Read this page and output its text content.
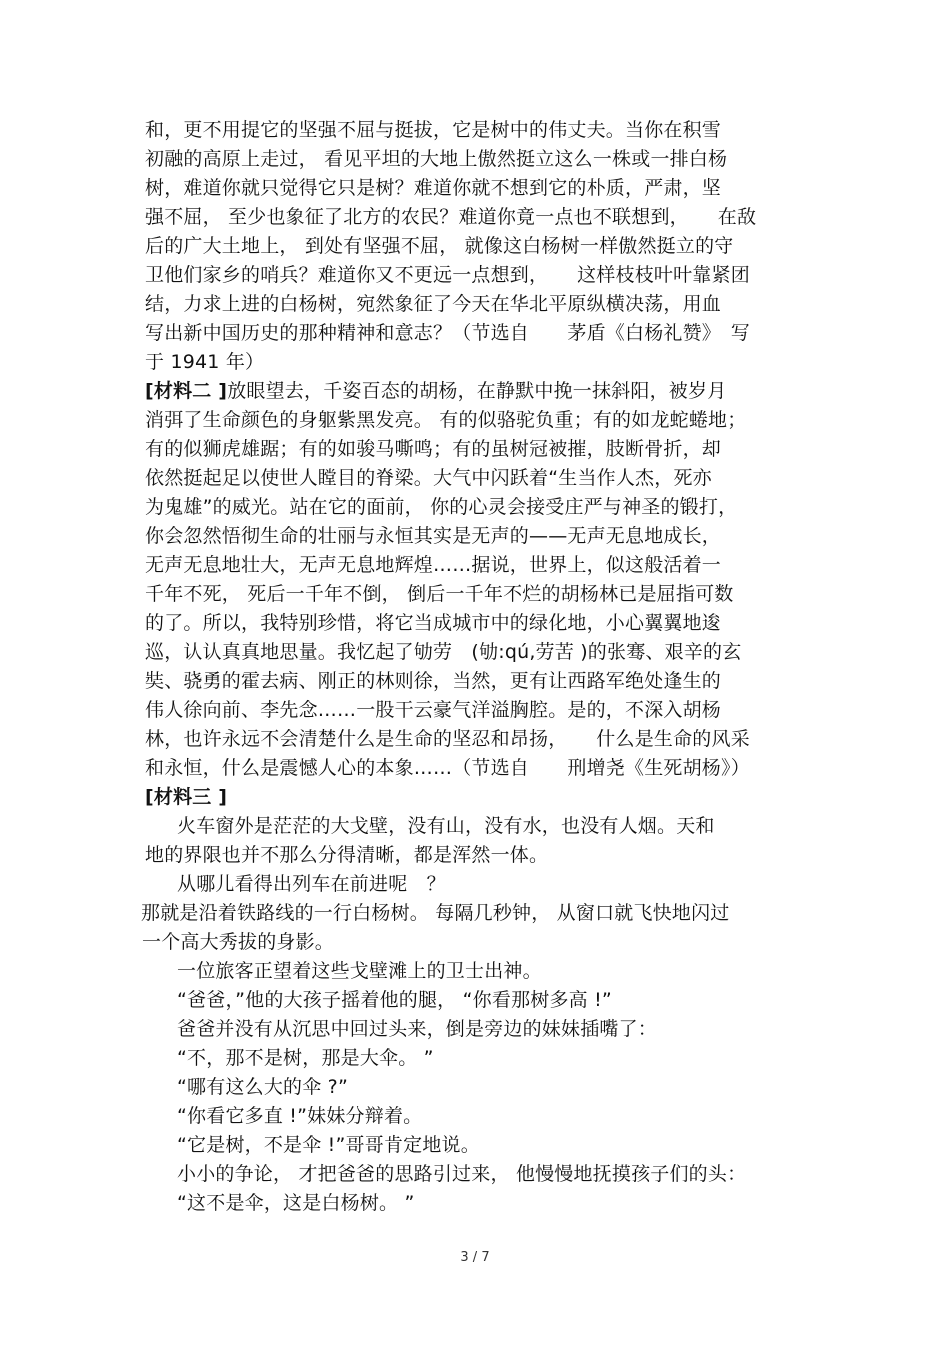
和，更不用提它的坚强不屈与挺拔，它是树中的伟丈夫。当你在积雪
初融的高原上走过， 看见平坦的大地上傲然挺立这么一株或一排白杨
树，难道你就只觉得它只是树？难道你就不想到它的朴质，严肃，坚
强不屈， 至少也象征了北方的农民？难道你竟一点也不联想到，　　在敌
后的广大土地上， 到处有坚强不屈， 就像这白杨树一样傲然挺立的守
卫他们家乡的哨兵？难道你又不更远一点想到，　　这样枝枝叶叶靠紧团
结，力求上进的白杨树，宛然象征了今天在华北平原纵横决荡，用血
写出新中国历史的那种精神和意志？（节选自　　茅盾《白杨礼赞》　写
于 1941 年）
[材料二 ]放眼望去，千姿百态的胡杨，在静默中挽一抹斜阳，被岁月
消弭了生命颜色的身躯紫黑发亮。 有的似骆驼负重；有的如龙蛇蜷地；
有的似狮虎雄踞；有的如骏马嘶鸣；有的虽树冠被摧，肢断骨折，却
依然挺起足以使世人瞠目的脊梁。大气中闪跃着“生当作人杰，死亦
为鬼雄”的威光。站在它的面前， 你的心灵会接受庄严与神圣的锻打，
你会忽然悟彻生命的壮丽与永恒其实是无声的——无声无息地成长，
无声无息地壮大，无声无息地辉煌……据说，世界上，似这般活着一
千年不死， 死后一千年不倒， 倒后一千年不烂的胡杨林已是屈指可数
的了。所以，我特别珍惜，将它当成城市中的绿化地，小心翼翼地逡
巡，认认真真地思量。我忆起了劬劳　(劬:qú,劳苦 )的张骞、艰辛的玄
奘、骁勇的霍去病、刚正的林则徐，当然，更有让西路军绝处逢生的
伟人徐向前、李先念……一股干云豪气洋溢胸腔。是的，不深入胡杨
林，也许永远不会清楚什么是生命的坚忍和昂扬，　　什么是生命的风采
和永恒，什么是震憾人心的本象……（节选自　　刑增尧《生死胡杨》）
[材料三 ]
火车窗外是茫茫的大戈壁，没有山，没有水，也没有人烟。天和
地的界限也并不那么分得清晰，都是浑然一体。
从哪儿看得出列车在前进呢　？
那就是沿着铁路线的一行白杨树。 每隔几秒钟， 从窗口就飞快地闪过
一个高大秀拔的身影。
一位旅客正望着这些戈壁滩上的卫士出神。
“爸爸，”他的大孩子摇着他的腿， “你看那树多高 !”
爸爸并没有从沉思中回过头来，倒是旁边的妹妹插嘴了：
“不，那不是树，那是大伞。 ”
“哪有这么大的伞 ?”
“你看它多直 !”妹妹分辩着。
“它是树，不是伞 !”哥哥肯定地说。
小小的争论， 才把爸爸的思路引过来， 他慢慢地抚摸孩子们的头：
“这不是伞，这是白杨树。 ”
3 / 7
